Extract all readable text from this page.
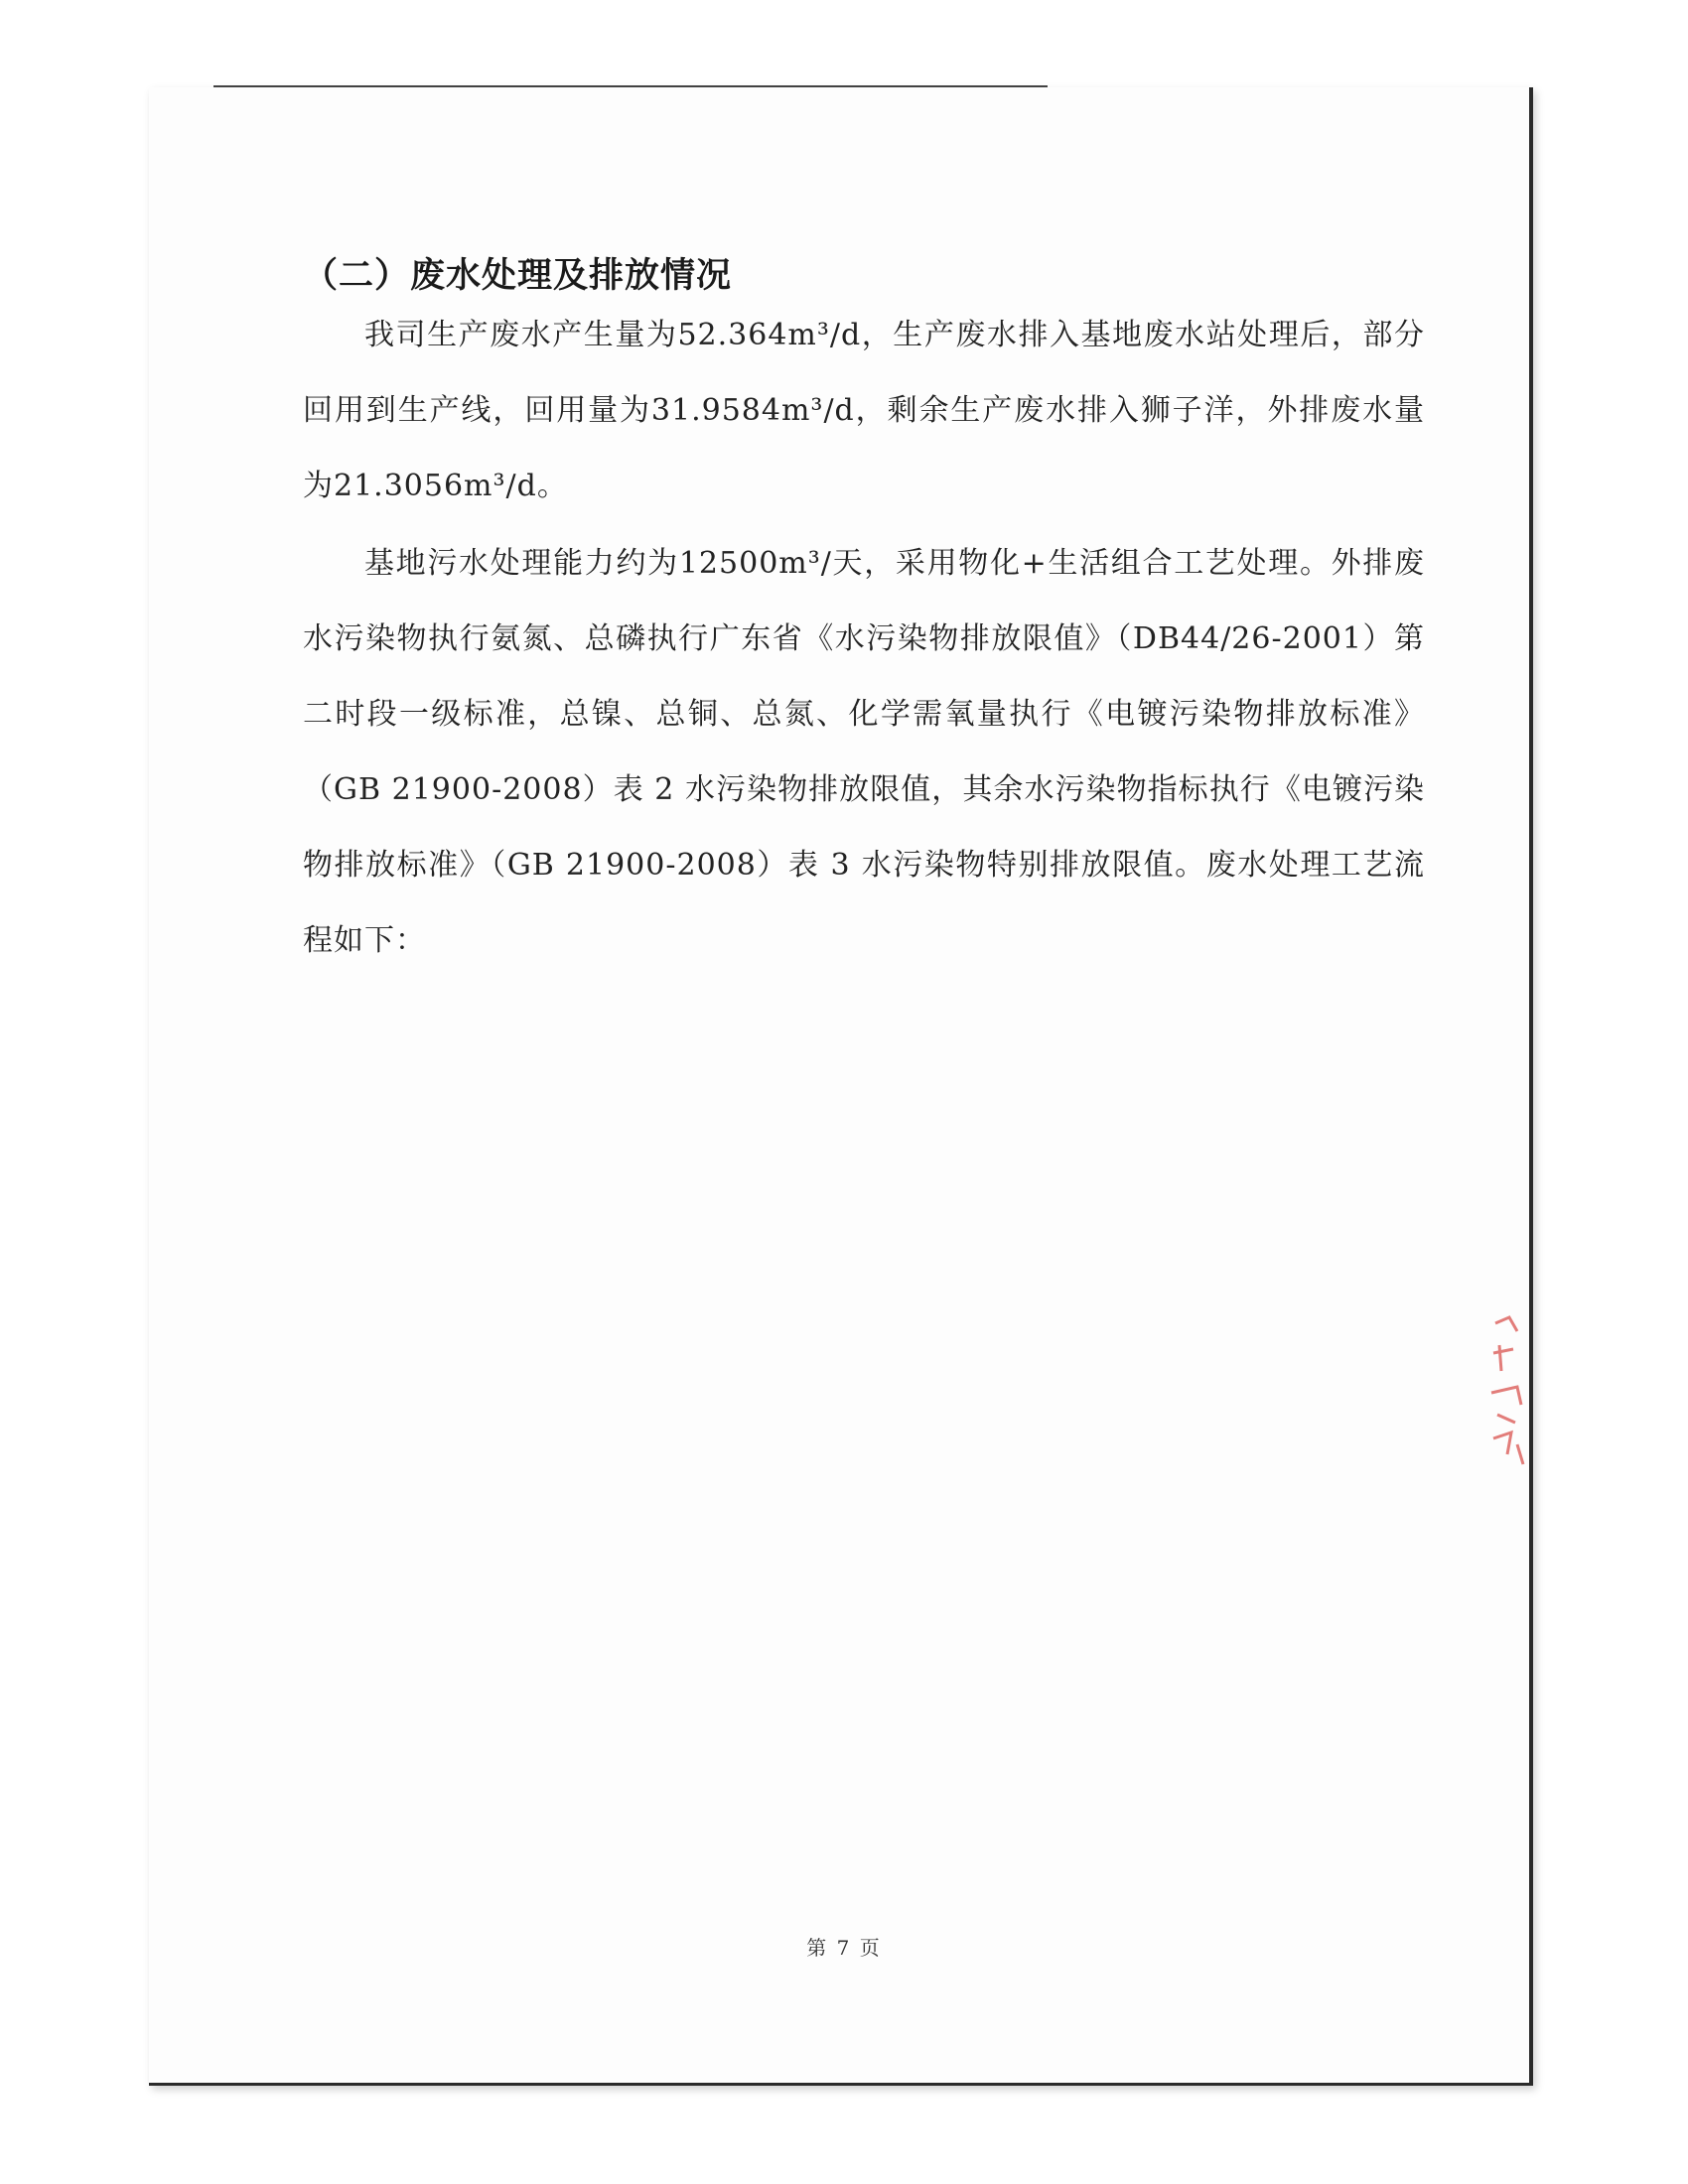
（二）废水处理及排放情况

我司生产废水产生量为52.364m³/d，生产废水排入基地废水站处理后，部分回用到生产线，回用量为31.9584m³/d，剩余生产废水排入狮子洋，外排废水量为21.3056m³/d。

基地污水处理能力约为12500m³/天，采用物化+生活组合工艺处理。外排废水污染物执行氨氮、总磷执行广东省《水污染物排放限值》（DB44/26-2001）第二时段一级标准，总镍、总铜、总氮、化学需氧量执行《电镀污染物排放标准》（GB 21900-2008）表 2 水污染物排放限值，其余水污染物指标执行《电镀污染物排放标准》（GB 21900-2008）表 3 水污染物特别排放限值。废水处理工艺流程如下：

第 7 页
